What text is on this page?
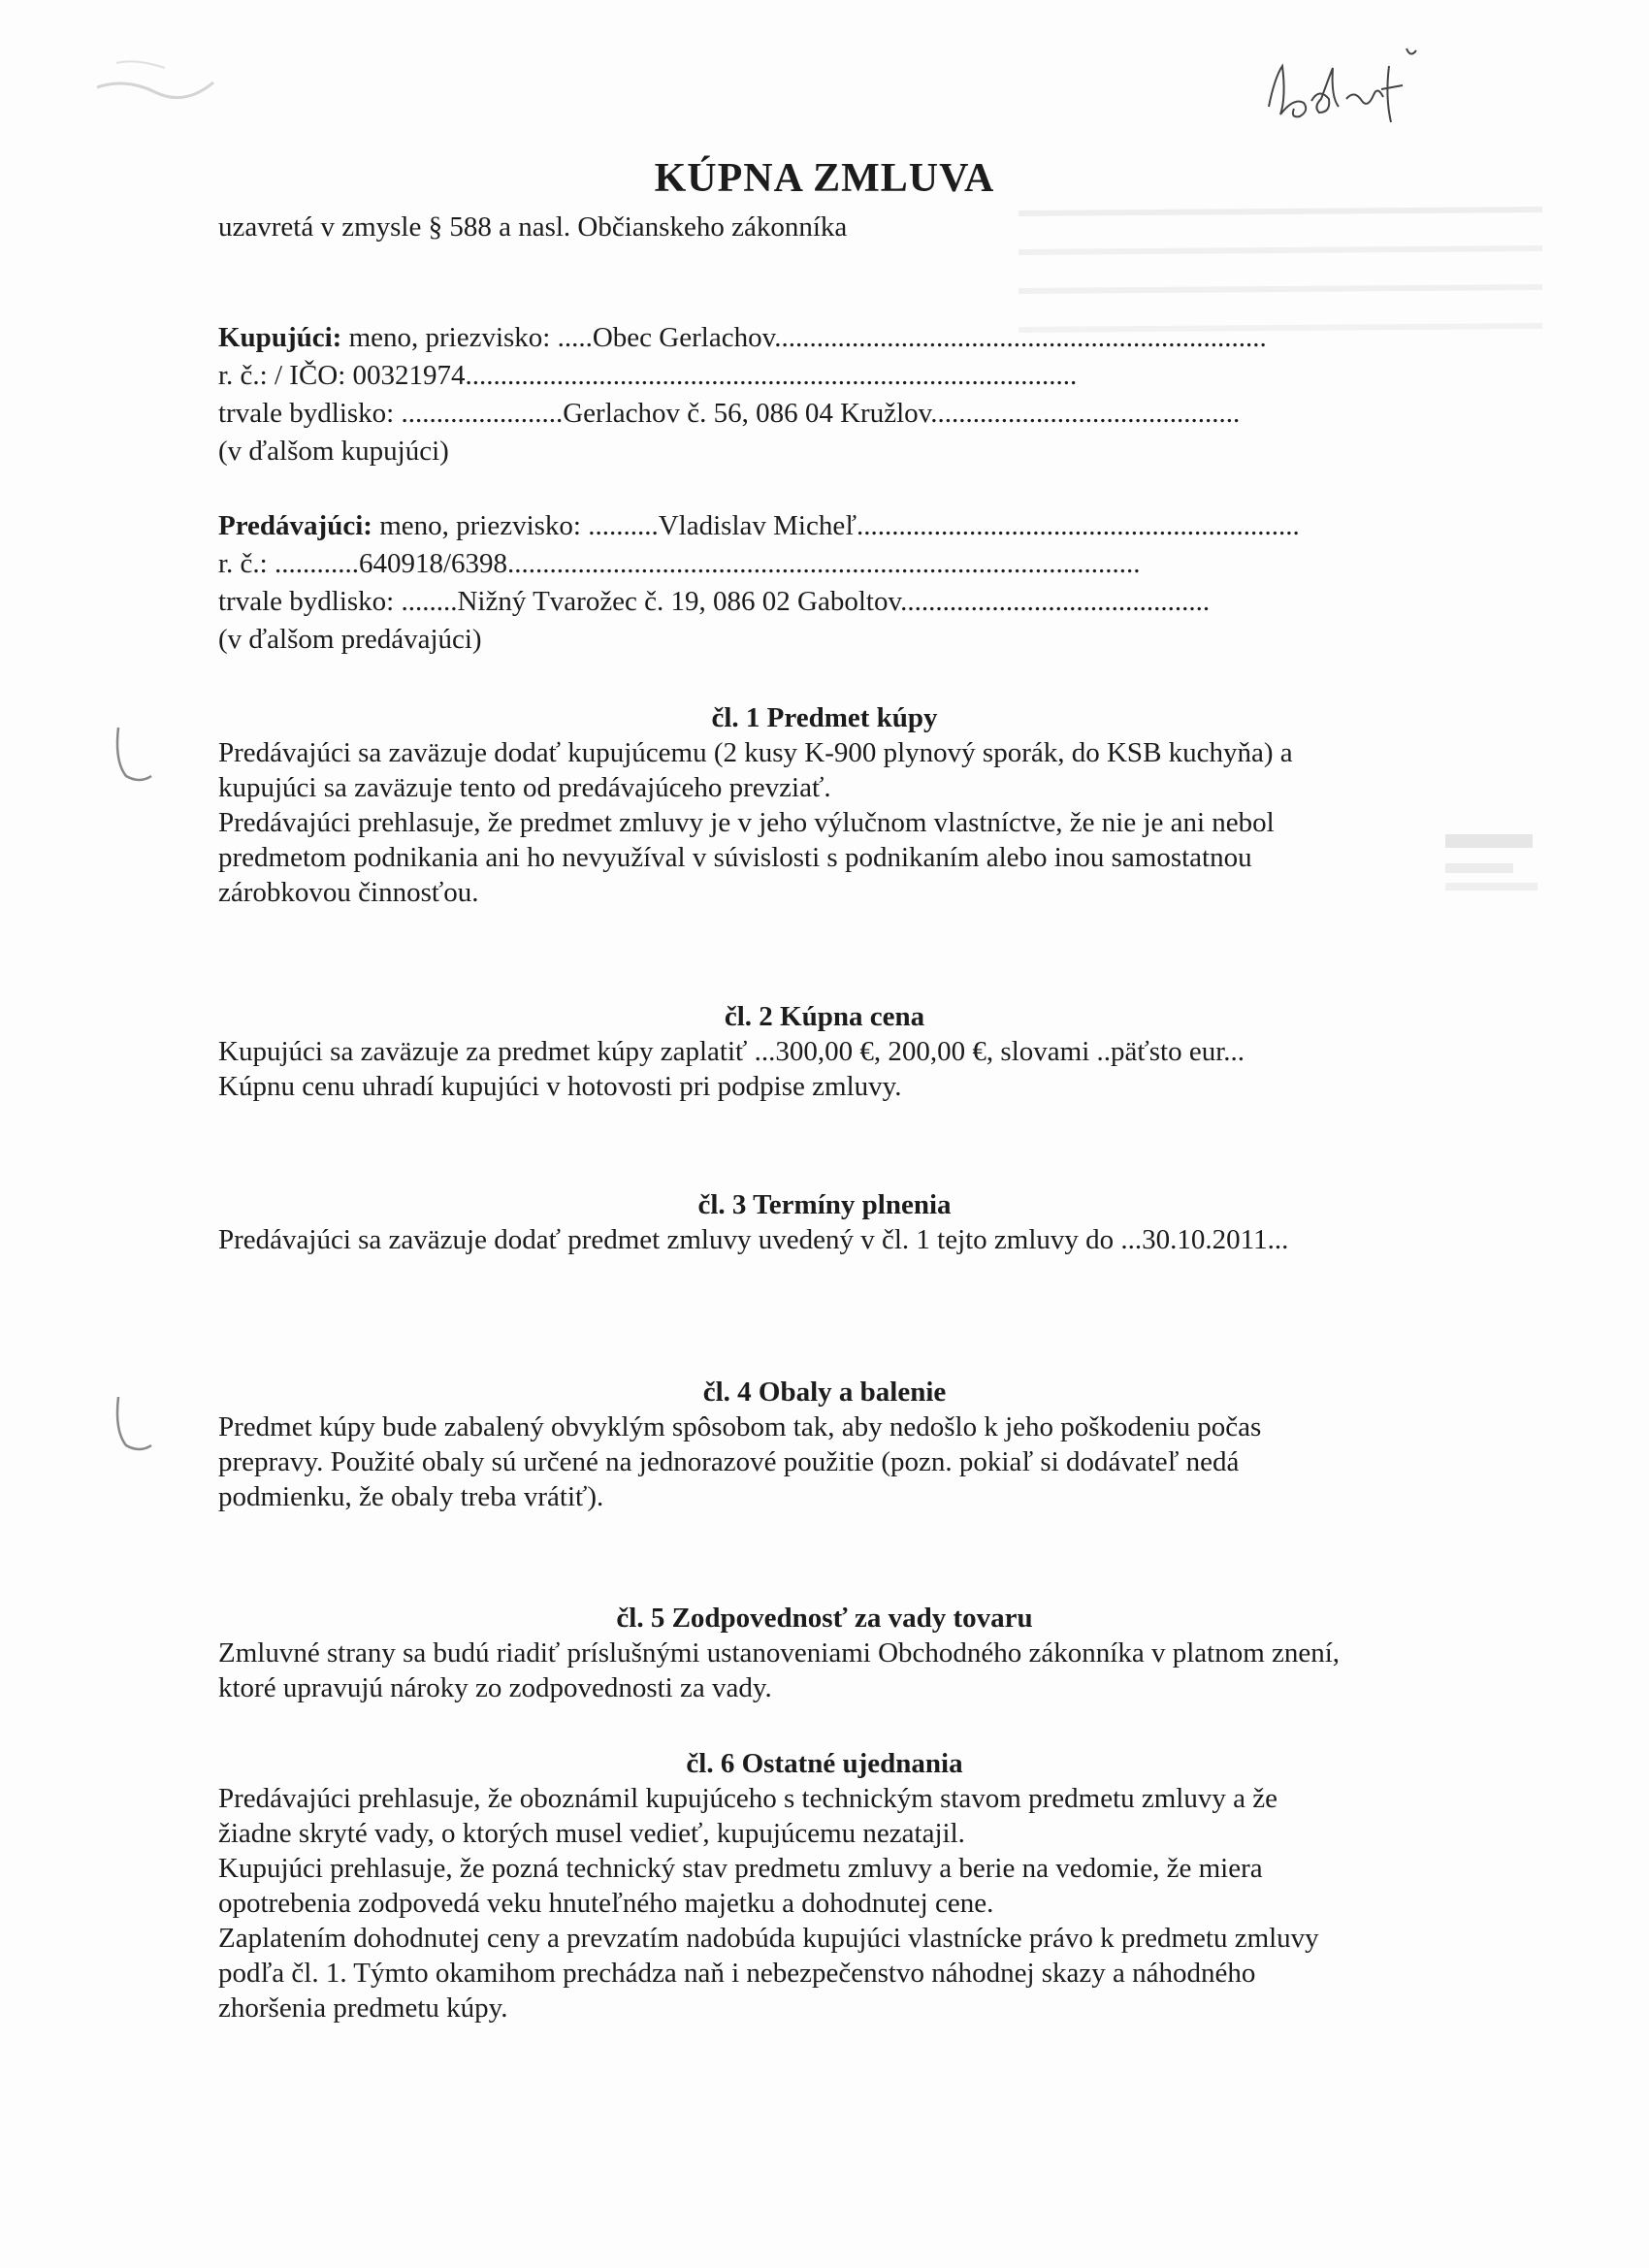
KÚPNA ZMLUVA
uzavretá v zmysle § 588 a nasl. Občianskeho zákonníka
Kupujúci: meno, priezvisko: .....Obec Gerlachov......................................................................
r. č.: / IČO: 00321974.......................................................................................
trvale bydlisko: .......................Gerlachov č. 56, 086 04 Kružlov............................................
(v ďalšom kupujúci)
Predávajúci: meno, priezvisko: ..........Vladislav Micheľ...............................................................
r. č.: ............640918/6398..........................................................................................
trvale bydlisko: ........Nižný Tvarožec č. 19, 086 02 Gaboltov............................................
(v ďalšom predávajúci)
čl. 1 Predmet kúpy

Predávajúci sa zaväzuje dodať kupujúcemu (2 kusy K-900 plynový sporák, do KSB kuchyňa) a

kupujúci sa zaväzuje tento od predávajúceho prevziať.

Predávajúci prehlasuje, že predmet zmluvy je v jeho výlučnom vlastníctve, že nie je ani nebol

predmetom podnikania ani ho nevyužíval v súvislosti s podnikaním alebo inou samostatnou

zárobkovou činnosťou.

čl. 2 Kúpna cena

Kupujúci sa zaväzuje za predmet kúpy zaplatiť ...300,00 €, 200,00 €, slovami ..päťsto eur...

Kúpnu cenu uhradí kupujúci v hotovosti pri podpise zmluvy.

čl. 3 Termíny plnenia

Predávajúci sa zaväzuje dodať predmet zmluvy uvedený v čl. 1 tejto zmluvy do ...30.10.2011...

čl. 4 Obaly a balenie

Predmet kúpy bude zabalený obvyklým spôsobom tak, aby nedošlo k jeho poškodeniu počas

prepravy. Použité obaly sú určené na jednorazové použitie (pozn. pokiaľ si dodávateľ nedá

podmienku, že obaly treba vrátiť).

čl. 5 Zodpovednosť za vady tovaru

Zmluvné strany sa budú riadiť príslušnými ustanoveniami Obchodného zákonníka v platnom znení,

ktoré upravujú nároky zo zodpovednosti za vady.

čl. 6 Ostatné ujednania

Predávajúci prehlasuje, že oboznámil kupujúceho s technickým stavom predmetu zmluvy a že

žiadne skryté vady, o ktorých musel vedieť, kupujúcemu nezatajil.

Kupujúci prehlasuje, že pozná technický stav predmetu zmluvy a berie na vedomie, že miera

opotrebenia zodpovedá veku hnuteľného majetku a dohodnutej cene.

Zaplatením dohodnutej ceny a prevzatím nadobúda kupujúci vlastnícke právo k predmetu zmluvy

podľa čl. 1. Týmto okamihom prechádza naň i nebezpečenstvo náhodnej skazy a náhodného

zhoršenia predmetu kúpy.
